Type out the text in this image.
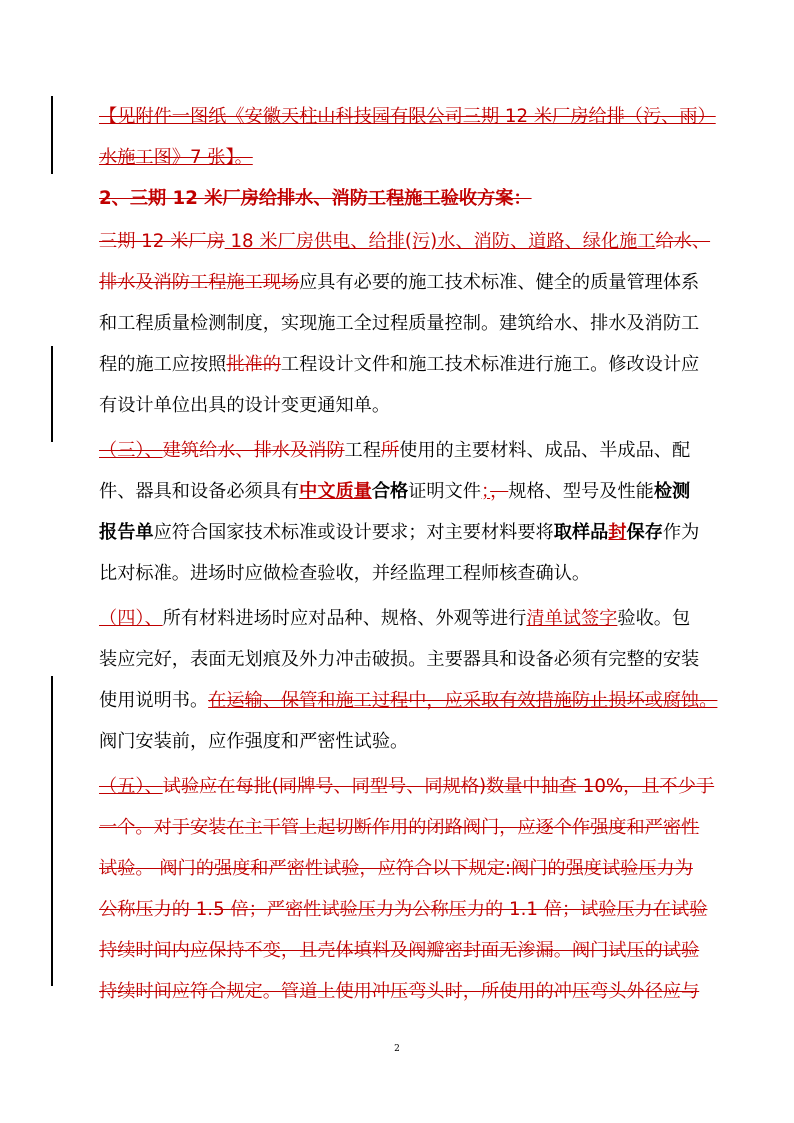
【见附件一图纸《安徽天柱山科技园有限公司三期 12 米厂房给排（污、雨）
水施工图》7 张】。
2、三期 12 米厂房给排水、消防工程施工验收方案：
三期 12 米厂房 18 米厂房供电、给排(污)水、消防、道路、绿化施工给水、
排水及消防工程施工现场应具有必要的施工技术标准、健全的质量管理体系
和工程质量检测制度，实现施工全过程质量控制。建筑给水、排水及消防工
程的施工应按照批准的工程设计文件和施工技术标准进行施工。修改设计应
有设计单位出具的设计变更通知单。
（三）、建筑给水、排水及消防工程所使用的主要材料、成品、半成品、配
件、器具和设备必须具有中文质量合格证明文件；，规格、型号及性能检测
报告单应符合国家技术标准或设计要求；对主要材料要将取样品封保存作为
比对标准。进场时应做检查验收，并经监理工程师核查确认。
（四）、所有材料进场时应对品种、规格、外观等进行清单试签字验收。包
装应完好，表面无划痕及外力冲击破损。主要器具和设备必须有完整的安装
使用说明书。在运输、保管和施工过程中，应采取有效措施防止损坏或腐蚀。
阀门安装前，应作强度和严密性试验。
（五）、试验应在每批(同牌号、同型号、同规格)数量中抽查 10%，且不少于
一个。对于安装在主干管上起切断作用的闭路阀门，应逐个作强度和严密性
试验。 阀门的强度和严密性试验，应符合以下规定:阀门的强度试验压力为
公称压力的 1.5 倍；严密性试验压力为公称压力的 1.1 倍；试验压力在试验
持续时间内应保持不变，且壳体填料及阀瓣密封面无渗漏。阀门试压的试验
持续时间应符合规定。管道上使用冲压弯头时，所使用的冲压弯头外径应与
2
